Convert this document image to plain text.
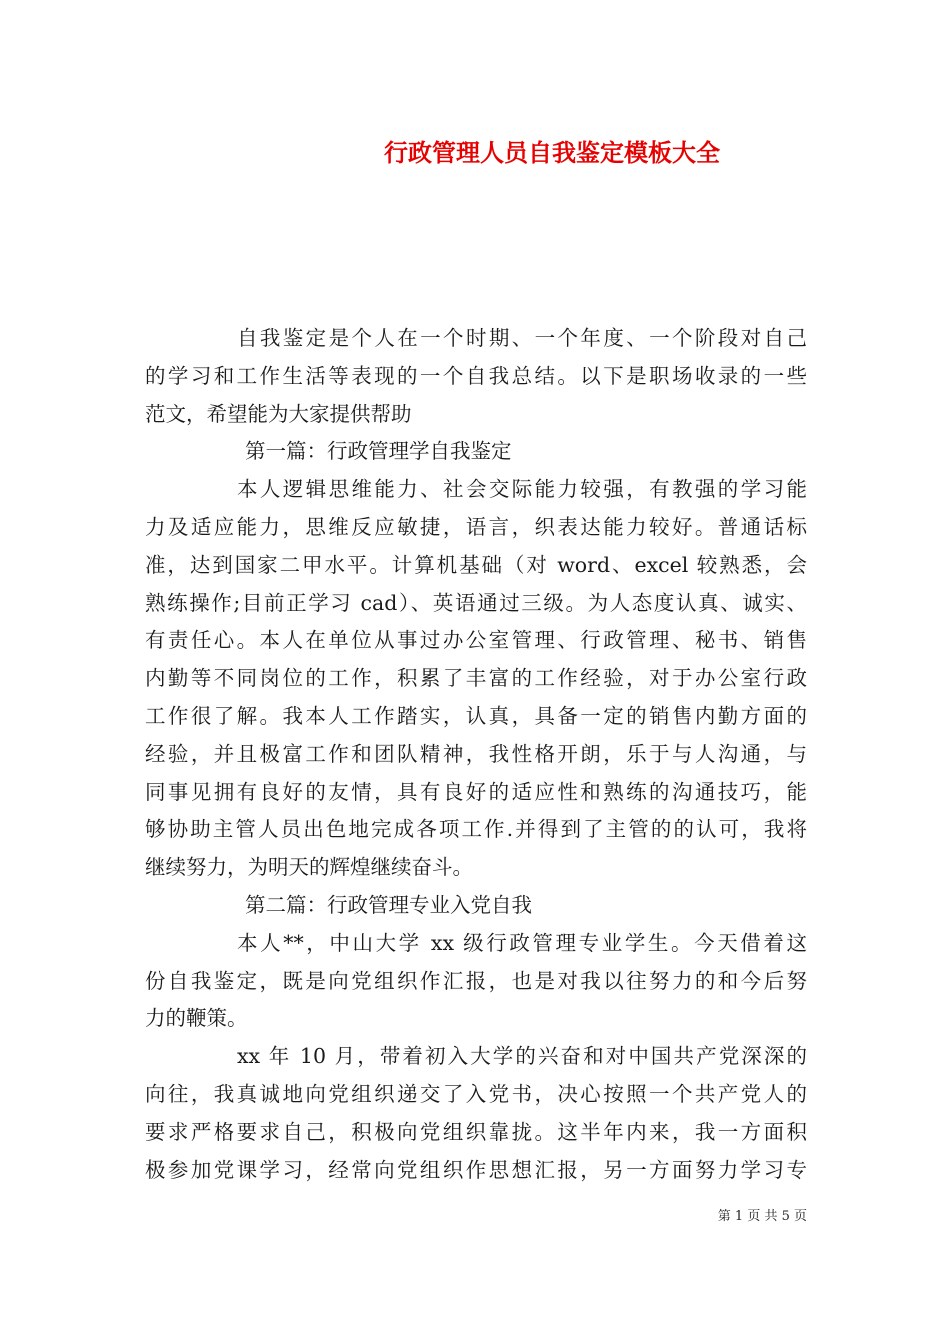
行政管理人员自我鉴定模板大全
自我鉴定是个人在一个时期、一个年度、一个阶段对自己
的学习和工作生活等表现的一个自我总结。以下是职场收录的一些
范文，希望能为大家提供帮助
第一篇：行政管理学自我鉴定
本人逻辑思维能力、社会交际能力较强，有教强的学习能
力及适应能力，思维反应敏捷，语言，织表达能力较好。普通话标
准，达到国家二甲水平。计算机基础（对 word、excel 较熟悉，会
熟练操作;目前正学习 cad）、英语通过三级。为人态度认真、诚实、
有责任心。本人在单位从事过办公室管理、行政管理、秘书、销售
内勤等不同岗位的工作，积累了丰富的工作经验，对于办公室行政
工作很了解。我本人工作踏实，认真，具备一定的销售内勤方面的
经验，并且极富工作和团队精神，我性格开朗，乐于与人沟通，与
同事见拥有良好的友情，具有良好的适应性和熟练的沟通技巧，能
够协助主管人员出色地完成各项工作.并得到了主管的的认可，我将
继续努力，为明天的辉煌继续奋斗。
第二篇：行政管理专业入党自我
本人**，中山大学 xx 级行政管理专业学生。今天借着这
份自我鉴定，既是向党组织作汇报，也是对我以往努力的和今后努
力的鞭策。
xx 年 10 月，带着初入大学的兴奋和对中国共产党深深的
向往，我真诚地向党组织递交了入党书，决心按照一个共产党人的
要求严格要求自己，积极向党组织靠拢。这半年内来，我一方面积
极参加党课学习，经常向党组织作思想汇报，另一方面努力学习专
第 1 页 共 5 页
